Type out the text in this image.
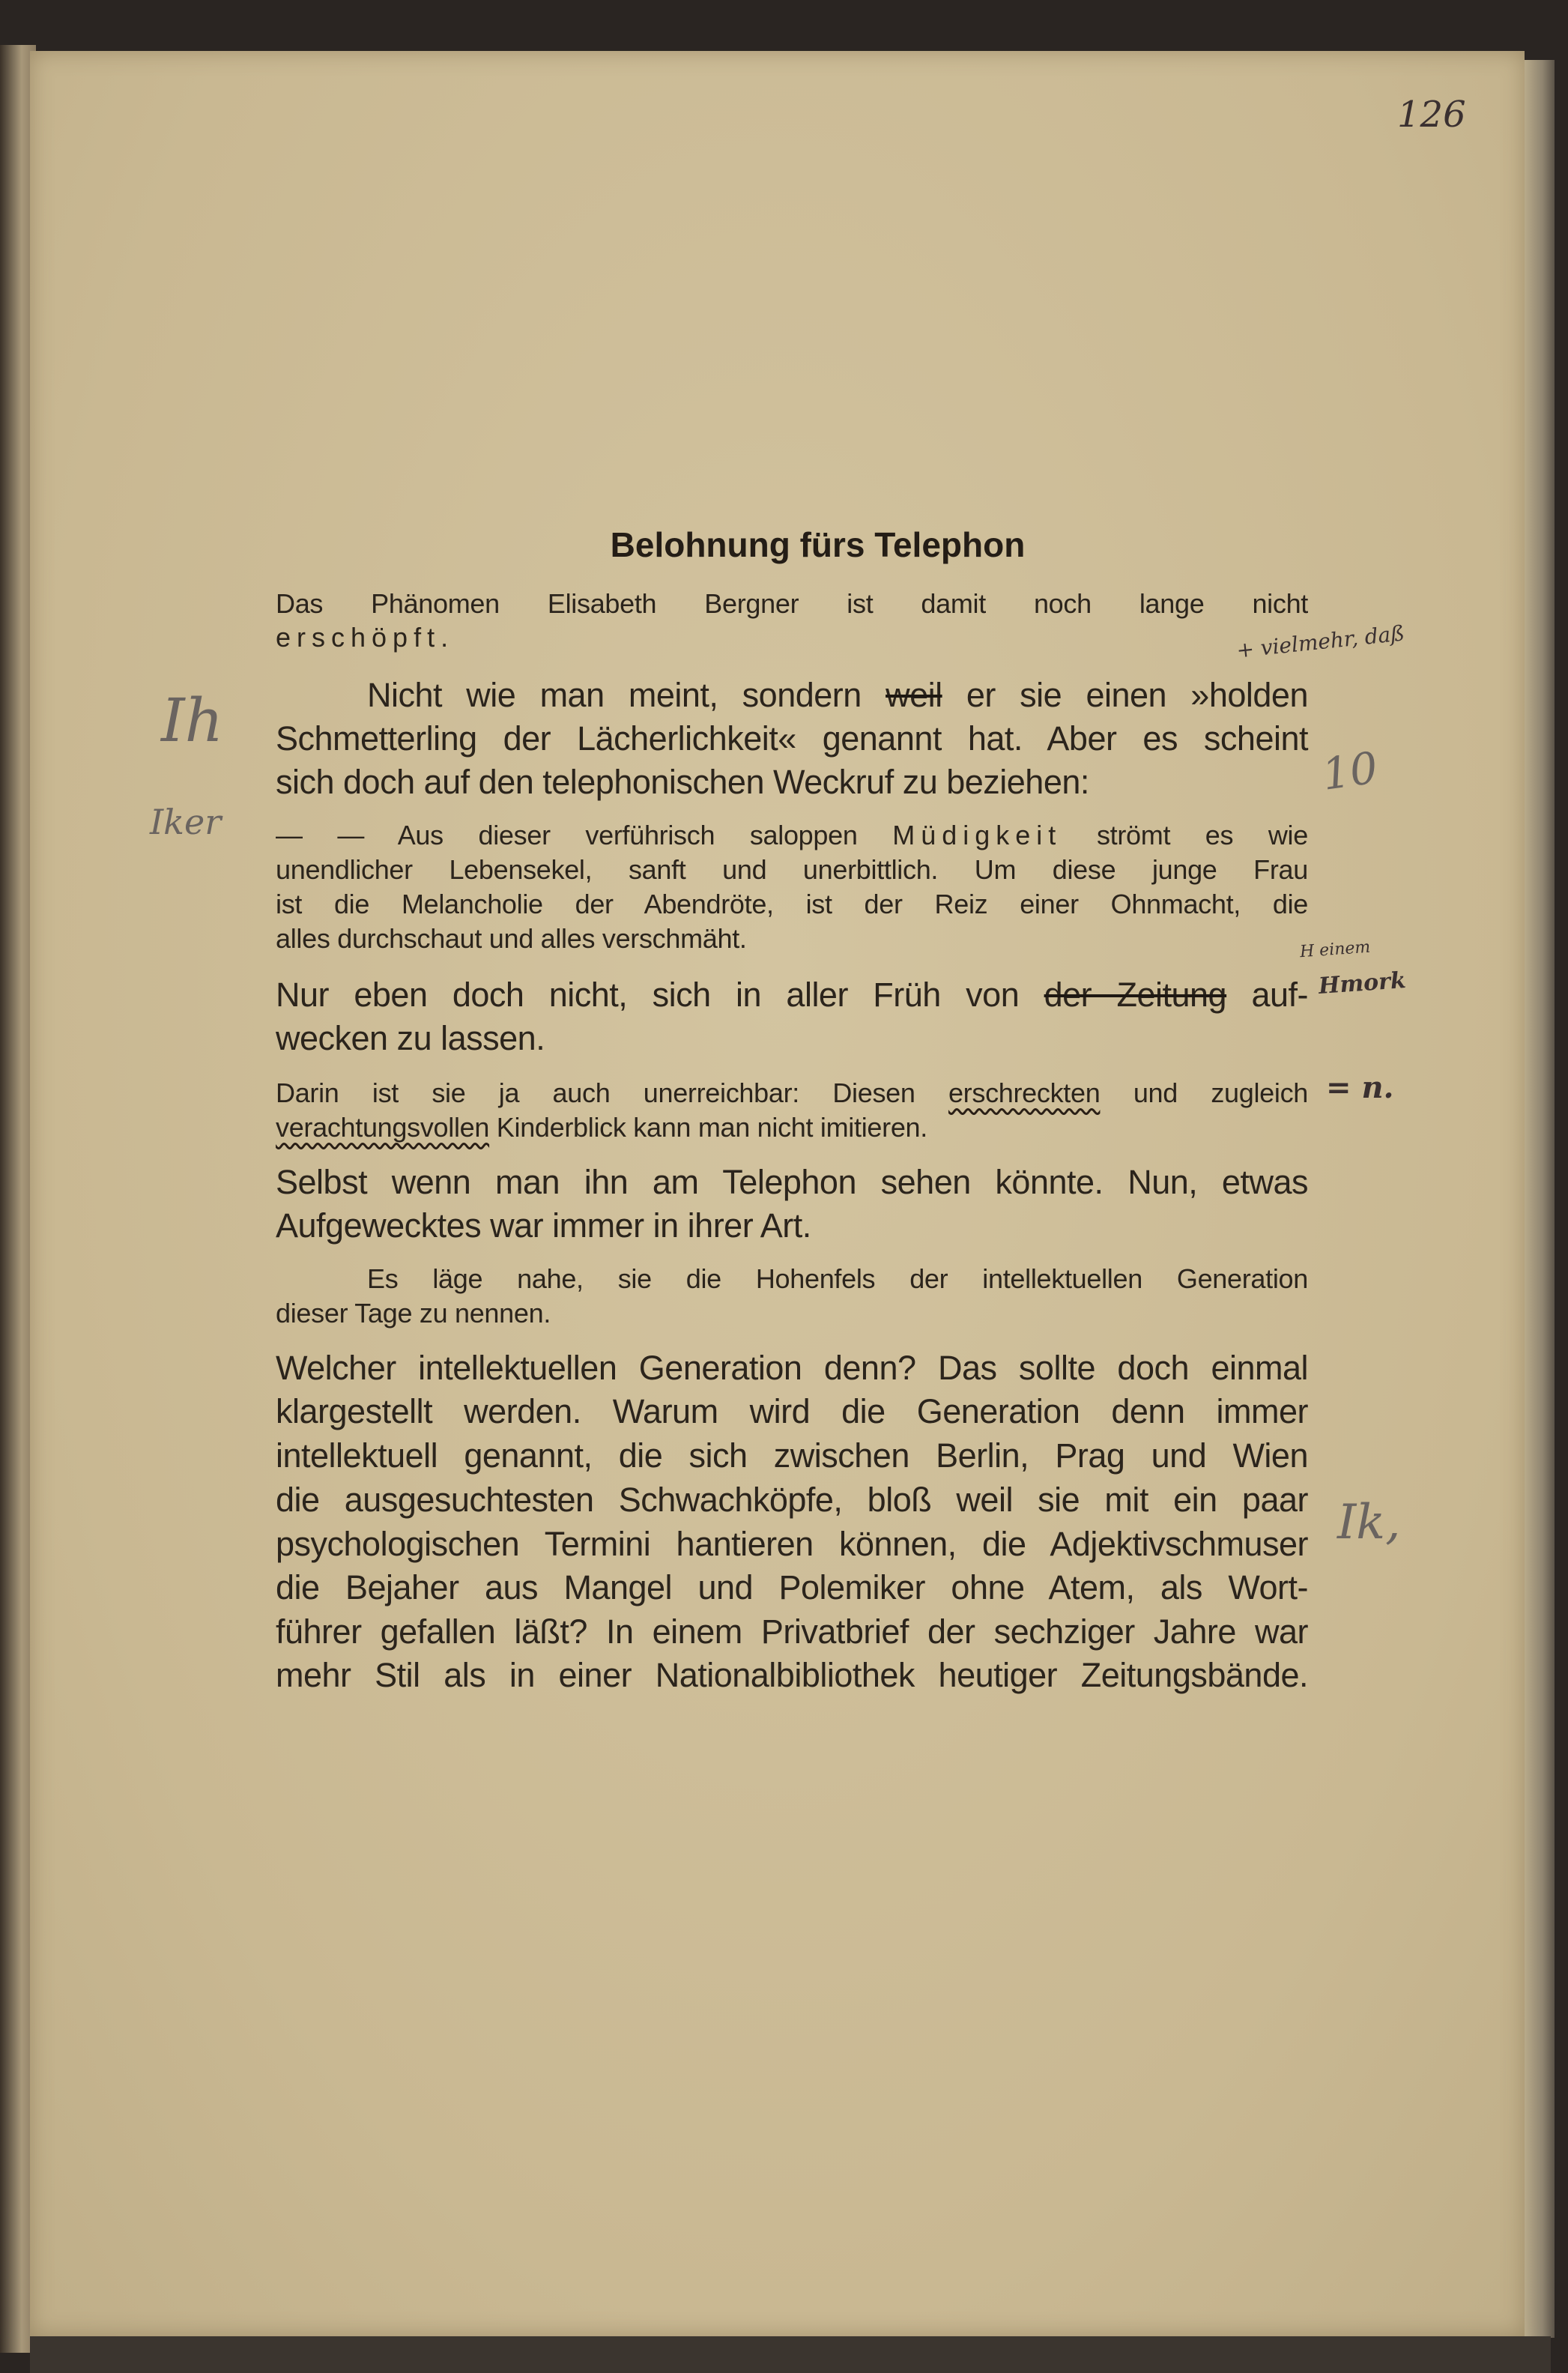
126
Belohnung fürs Telephon
Das Phänomen Elisabeth Bergner ist damit noch lange nicht
erschöpft.
Nicht wie man meint, sondern weil er sie einen »holden
Schmetterling der Lächerlichkeit« genannt hat. Aber es scheint
sich doch auf den telephonischen Weckruf zu beziehen:
— — Aus dieser verführisch saloppen Müdigkeit strömt es wie
unendlicher Lebensekel, sanft und unerbittlich. Um diese junge Frau
ist die Melancholie der Abendröte, ist der Reiz einer Ohnmacht, die
alles durchschaut und alles verschmäht.
Nur eben doch nicht, sich in aller Früh von der Zeitung auf-
wecken zu lassen.
Darin ist sie ja auch unerreichbar: Diesen erschreckten und zugleich
verachtungsvollen Kinderblick kann man nicht imitieren.
Selbst wenn man ihn am Telephon sehen könnte. Nun, etwas
Aufgewecktes war immer in ihrer Art.
Es läge nahe, sie die Hohenfels der intellektuellen Generation
dieser Tage zu nennen.
Welcher intellektuellen Generation denn? Das sollte doch einmal
klargestellt werden. Warum wird die Generation denn immer
intellektuell genannt, die sich zwischen Berlin, Prag und Wien
die ausgesuchtesten Schwachköpfe, bloß weil sie mit ein paar
psychologischen Termini hantieren können, die Adjektivschmuser
die Bejaher aus Mangel und Polemiker ohne Atem, als Wort-
führer gefallen läßt? In einem Privatbrief der sechziger Jahre war
mehr Stil als in einer Nationalbibliothek heutiger Zeitungsbände.
+ vielmehr, daß
10
Ih
Iker
H einem
Hmork
= n.
Ik,
